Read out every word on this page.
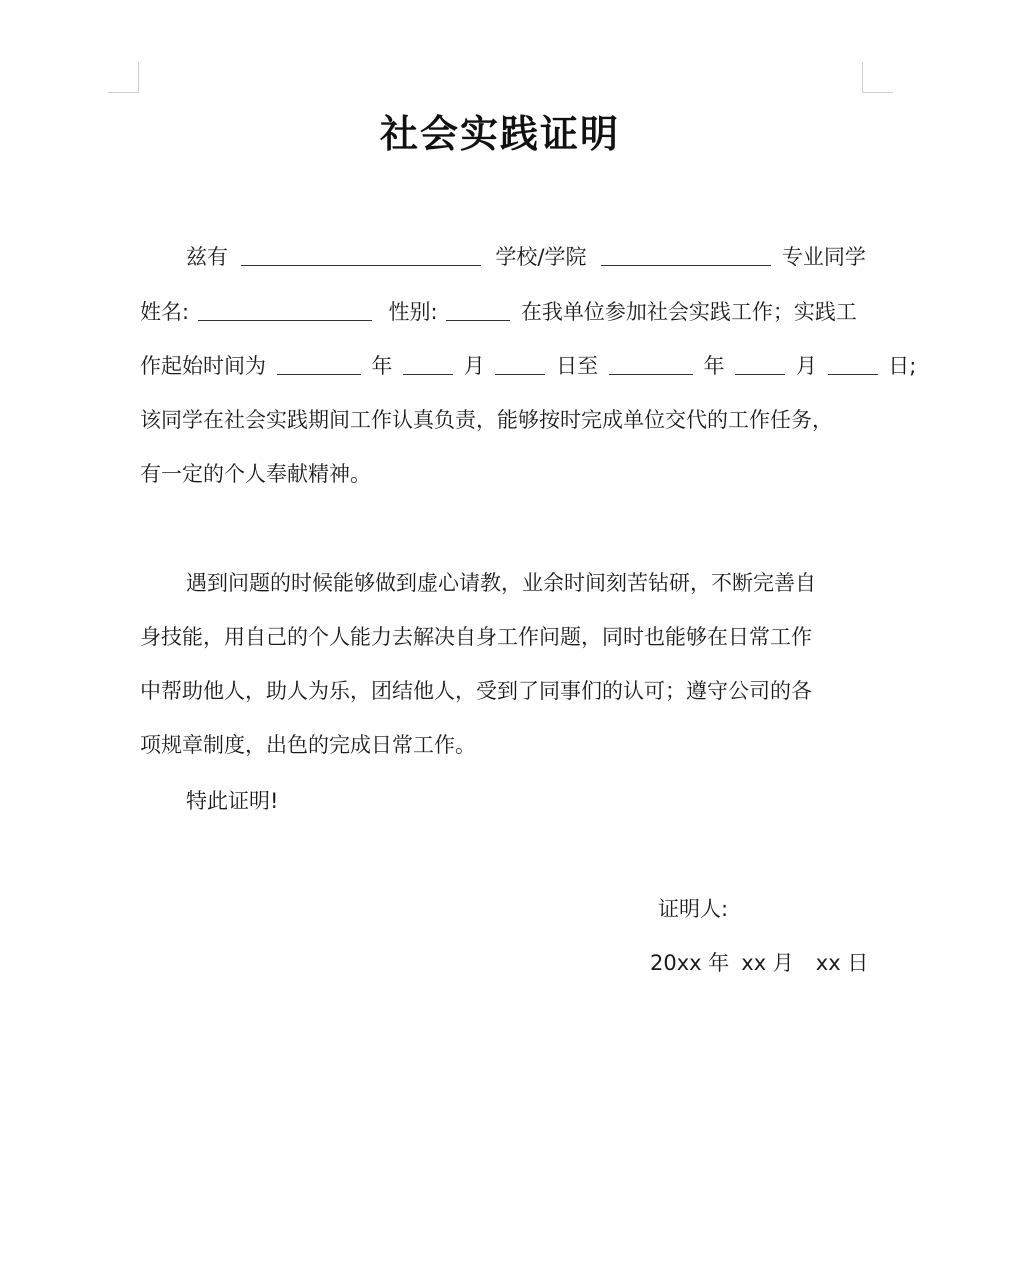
社会实践证明
兹有	学校/学院	专业同学
姓名:	性别:	在我单位参加社会实践工作；实践工
作起始时间为	年	月	日至	年	月	日;
该同学在社会实践期间工作认真负责，能够按时完成单位交代的工作任务，
有一定的个人奉献精神。
遇到问题的时候能够做到虚心请教，业余时间刻苦钻研，不断完善自
身技能，用自己的个人能力去解决自身工作问题，同时也能够在日常工作
中帮助他人，助人为乐，团结他人，受到了同事们的认可；遵守公司的各
项规章制度，出色的完成日常工作。
特此证明!
证明人:
20xx 年 xx 月 xx 日
